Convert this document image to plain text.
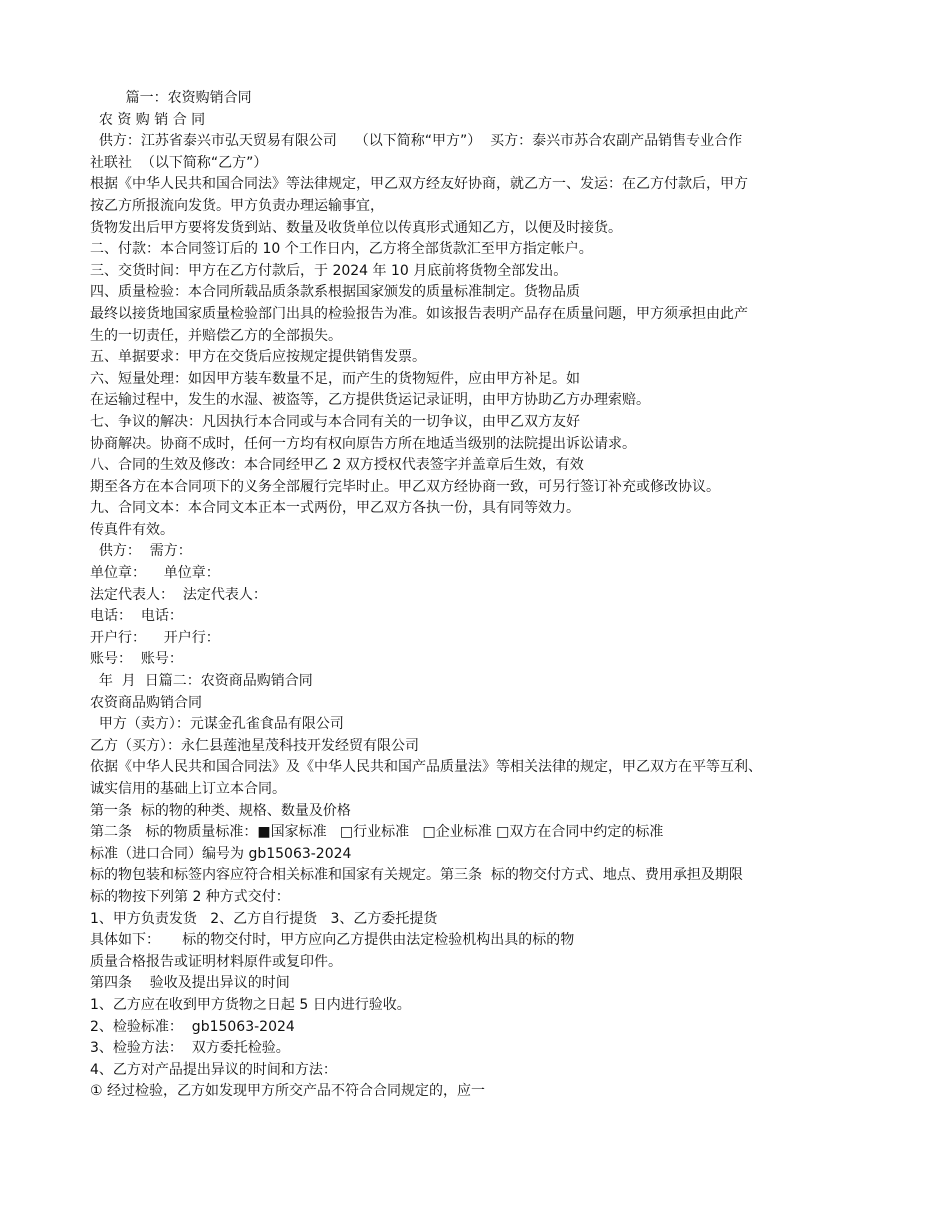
篇一：农资购销合同
农 资 购 销 合 同
供方：江苏省泰兴市弘天贸易有限公司    （以下简称“甲方”）  买方：泰兴市苏合农副产品销售专业合作
社联社  （以下简称“乙方”）
根据《中华人民共和国合同法》等法律规定，甲乙双方经友好协商，就乙方一、发运：在乙方付款后，甲方
按乙方所报流向发货。甲方负责办理运输事宜，
货物发出后甲方要将发货到站、数量及收货单位以传真形式通知乙方，以便及时接货。
二、付款：本合同签订后的 10 个工作日内，乙方将全部货款汇至甲方指定帐户。
三、交货时间：甲方在乙方付款后，于 2024 年 10 月底前将货物全部发出。
四、质量检验：本合同所载品质条款系根据国家颁发的质量标准制定。货物品质
最终以接货地国家质量检验部门出具的检验报告为准。如该报告表明产品存在质量问题，甲方须承担由此产
生的一切责任，并赔偿乙方的全部损失。
五、单据要求：甲方在交货后应按规定提供销售发票。
六、短量处理：如因甲方装车数量不足，而产生的货物短件，应由甲方补足。如
在运输过程中，发生的水湿、被盗等，乙方提供货运记录证明，由甲方协助乙方办理索赔。
七、争议的解决：凡因执行本合同或与本合同有关的一切争议，由甲乙双方友好
协商解决。协商不成时，任何一方均有权向原告方所在地适当级别的法院提出诉讼请求。
八、合同的生效及修改：本合同经甲乙 2 双方授权代表签字并盖章后生效，有效
期至各方在本合同项下的义务全部履行完毕时止。甲乙双方经协商一致，可另行签订补充或修改协议。
九、合同文本：本合同文本正本一式两份，甲乙双方各执一份，具有同等效力。
传真件有效。
供方：  需方：
单位章：    单位章：
法定代表人：  法定代表人：
电话：  电话：
开户行：    开户行：
账号：  账号：
年  月  日篇二：农资商品购销合同
农资商品购销合同
甲方（卖方）：元谋金孔雀食品有限公司
乙方（买方）：永仁县莲池星茂科技开发经贸有限公司
依据《中华人民共和国合同法》及《中华人民共和国产品质量法》等相关法律的规定，甲乙双方在平等互利、
诚实信用的基础上订立本合同。
第一条  标的物的种类、规格、数量及价格
第二条   标的物质量标准：■国家标准   □行业标准   □企业标准 □双方在合同中约定的标准
标准（进口合同）编号为 gb15063-2024
标的物包装和标签内容应符合相关标准和国家有关规定。第三条  标的物交付方式、地点、费用承担及期限
标的物按下列第 2 种方式交付：
1、甲方负责发货   2、乙方自行提货   3、乙方委托提货
具体如下：     标的物交付时，甲方应向乙方提供由法定检验机构出具的标的物
质量合格报告或证明材料原件或复印件。
第四条    验收及提出异议的时间
1、乙方应在收到甲方货物之日起 5 日内进行验收。
2、检验标准：  gb15063-2024
3、检验方法：  双方委托检验。
4、乙方对产品提出异议的时间和方法：
① 经过检验，乙方如发现甲方所交产品不符合合同规定的，应一
